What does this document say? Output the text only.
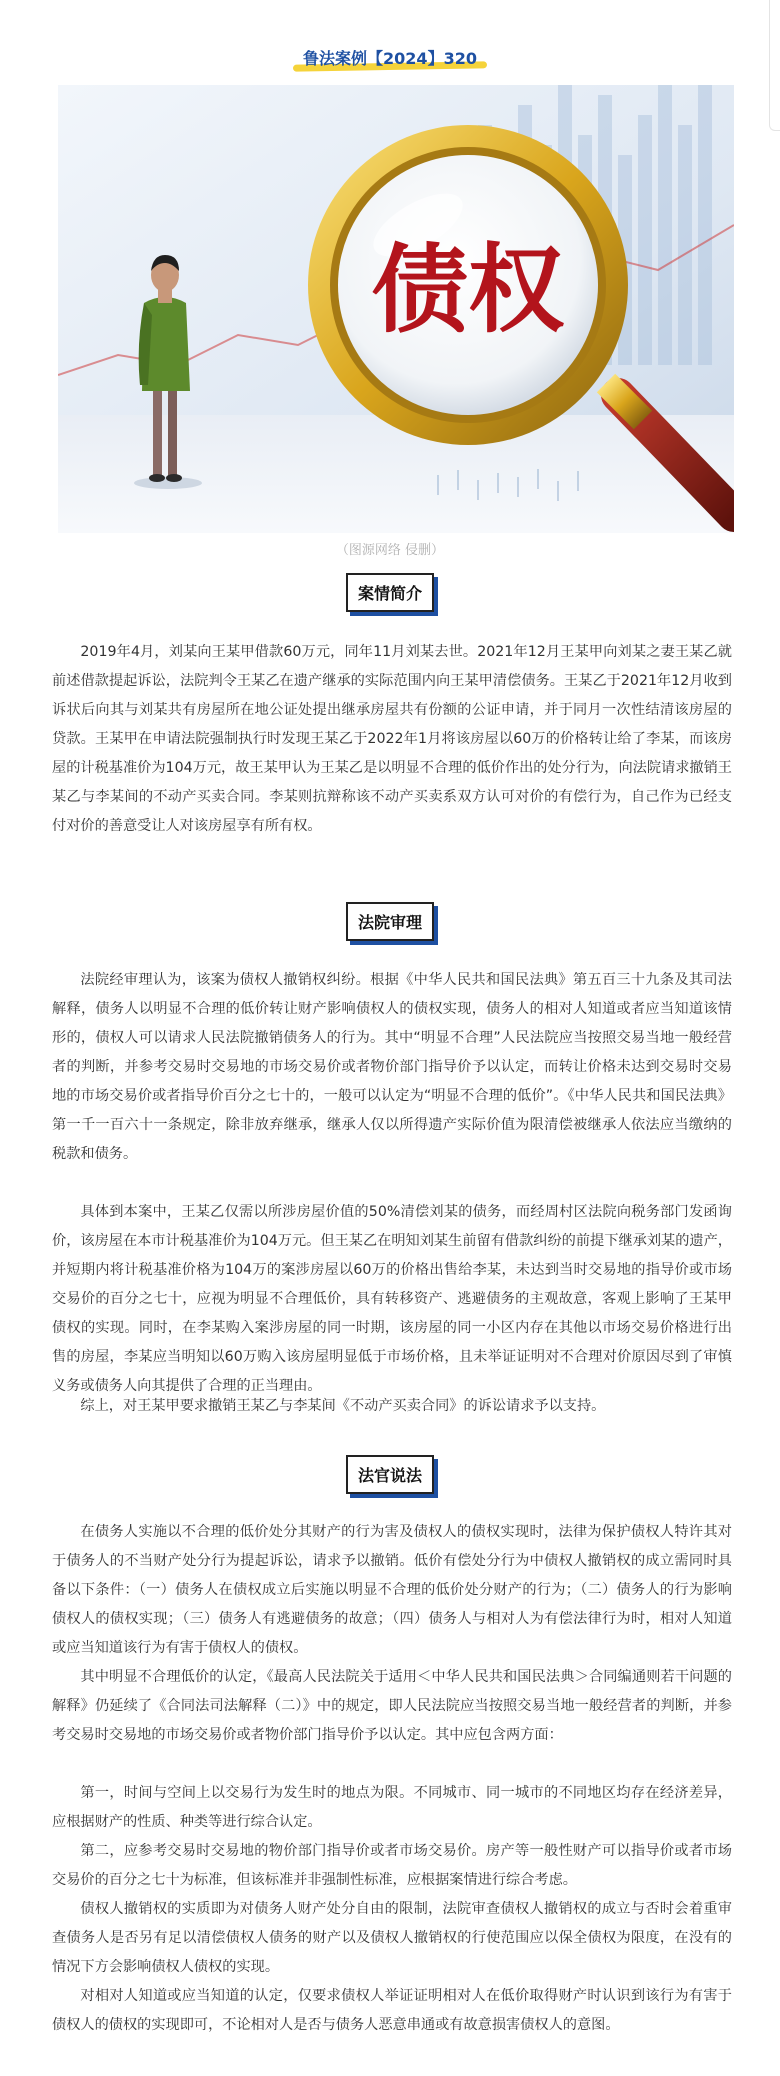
鲁法案例【2024】320
债权
（图源网络 侵删）
案情简介

2019年4月，刘某向王某甲借款60万元，同年11月刘某去世。2021年12月王某甲向刘某之妻王某乙就前述借款提起诉讼，法院判令王某乙在遗产继承的实际范围内向王某甲清偿债务。王某乙于2021年12月收到诉状后向其与刘某共有房屋所在地公证处提出继承房屋共有份额的公证申请，并于同月一次性结清该房屋的贷款。王某甲在申请法院强制执行时发现王某乙于2022年1月将该房屋以60万的价格转让给了李某，而该房屋的计税基准价为104万元，故王某甲认为王某乙是以明显不合理的低价作出的处分行为，向法院请求撤销王某乙与李某间的不动产买卖合同。李某则抗辩称该不动产买卖系双方认可对价的有偿行为，自己作为已经支付对价的善意受让人对该房屋享有所有权。

法院审理

法院经审理认为，该案为债权人撤销权纠纷。根据《中华人民共和国民法典》第五百三十九条及其司法解释，债务人以明显不合理的低价转让财产影响债权人的债权实现，债务人的相对人知道或者应当知道该情形的，债权人可以请求人民法院撤销债务人的行为。其中“明显不合理”人民法院应当按照交易当地一般经营者的判断，并参考交易时交易地的市场交易价或者物价部门指导价予以认定，而转让价格未达到交易时交易地的市场交易价或者指导价百分之七十的，一般可以认定为“明显不合理的低价”。《中华人民共和国民法典》第一千一百六十一条规定，除非放弃继承，继承人仅以所得遗产实际价值为限清偿被继承人依法应当缴纳的税款和债务。

具体到本案中，王某乙仅需以所涉房屋价值的50%清偿刘某的债务，而经周村区法院向税务部门发函询价，该房屋在本市计税基准价为104万元。但王某乙在明知刘某生前留有借款纠纷的前提下继承刘某的遗产，并短期内将计税基准价格为104万的案涉房屋以60万的价格出售给李某，未达到当时交易地的指导价或市场交易价的百分之七十，应视为明显不合理低价，具有转移资产、逃避债务的主观故意，客观上影响了王某甲债权的实现。同时，在李某购入案涉房屋的同一时期，该房屋的同一小区内存在其他以市场交易价格进行出售的房屋，李某应当明知以60万购入该房屋明显低于市场价格，且未举证证明对不合理对价原因尽到了审慎义务或债务人向其提供了合理的正当理由。

综上，对王某甲要求撤销王某乙与李某间《不动产买卖合同》的诉讼请求予以支持。

法官说法

在债务人实施以不合理的低价处分其财产的行为害及债权人的债权实现时，法律为保护债权人特许其对于债务人的不当财产处分行为提起诉讼，请求予以撤销。低价有偿处分行为中债权人撤销权的成立需同时具备以下条件：（一）债务人在债权成立后实施以明显不合理的低价处分财产的行为；（二）债务人的行为影响债权人的债权实现；（三）债务人有逃避债务的故意；（四）债务人与相对人为有偿法律行为时，相对人知道或应当知道该行为有害于债权人的债权。

其中明显不合理低价的认定，《最高人民法院关于适用＜中华人民共和国民法典＞合同编通则若干问题的解释》仍延续了《合同法司法解释（二）》中的规定，即人民法院应当按照交易当地一般经营者的判断，并参考交易时交易地的市场交易价或者物价部门指导价予以认定。其中应包含两方面：

第一，时间与空间上以交易行为发生时的地点为限。不同城市、同一城市的不同地区均存在经济差异，应根据财产的性质、种类等进行综合认定。

第二，应参考交易时交易地的物价部门指导价或者市场交易价。房产等一般性财产可以指导价或者市场交易价的百分之七十为标准，但该标准并非强制性标准，应根据案情进行综合考虑。

债权人撤销权的实质即为对债务人财产处分自由的限制，法院审查债权人撤销权的成立与否时会着重审查债务人是否另有足以清偿债权人债务的财产以及债权人撤销权的行使范围应以保全债权为限度，在没有的情况下方会影响债权人债权的实现。

对相对人知道或应当知道的认定，仅要求债权人举证证明相对人在低价取得财产时认识到该行为有害于债权人的债权的实现即可，不论相对人是否与债务人恶意串通或有故意损害债权人的意图。
